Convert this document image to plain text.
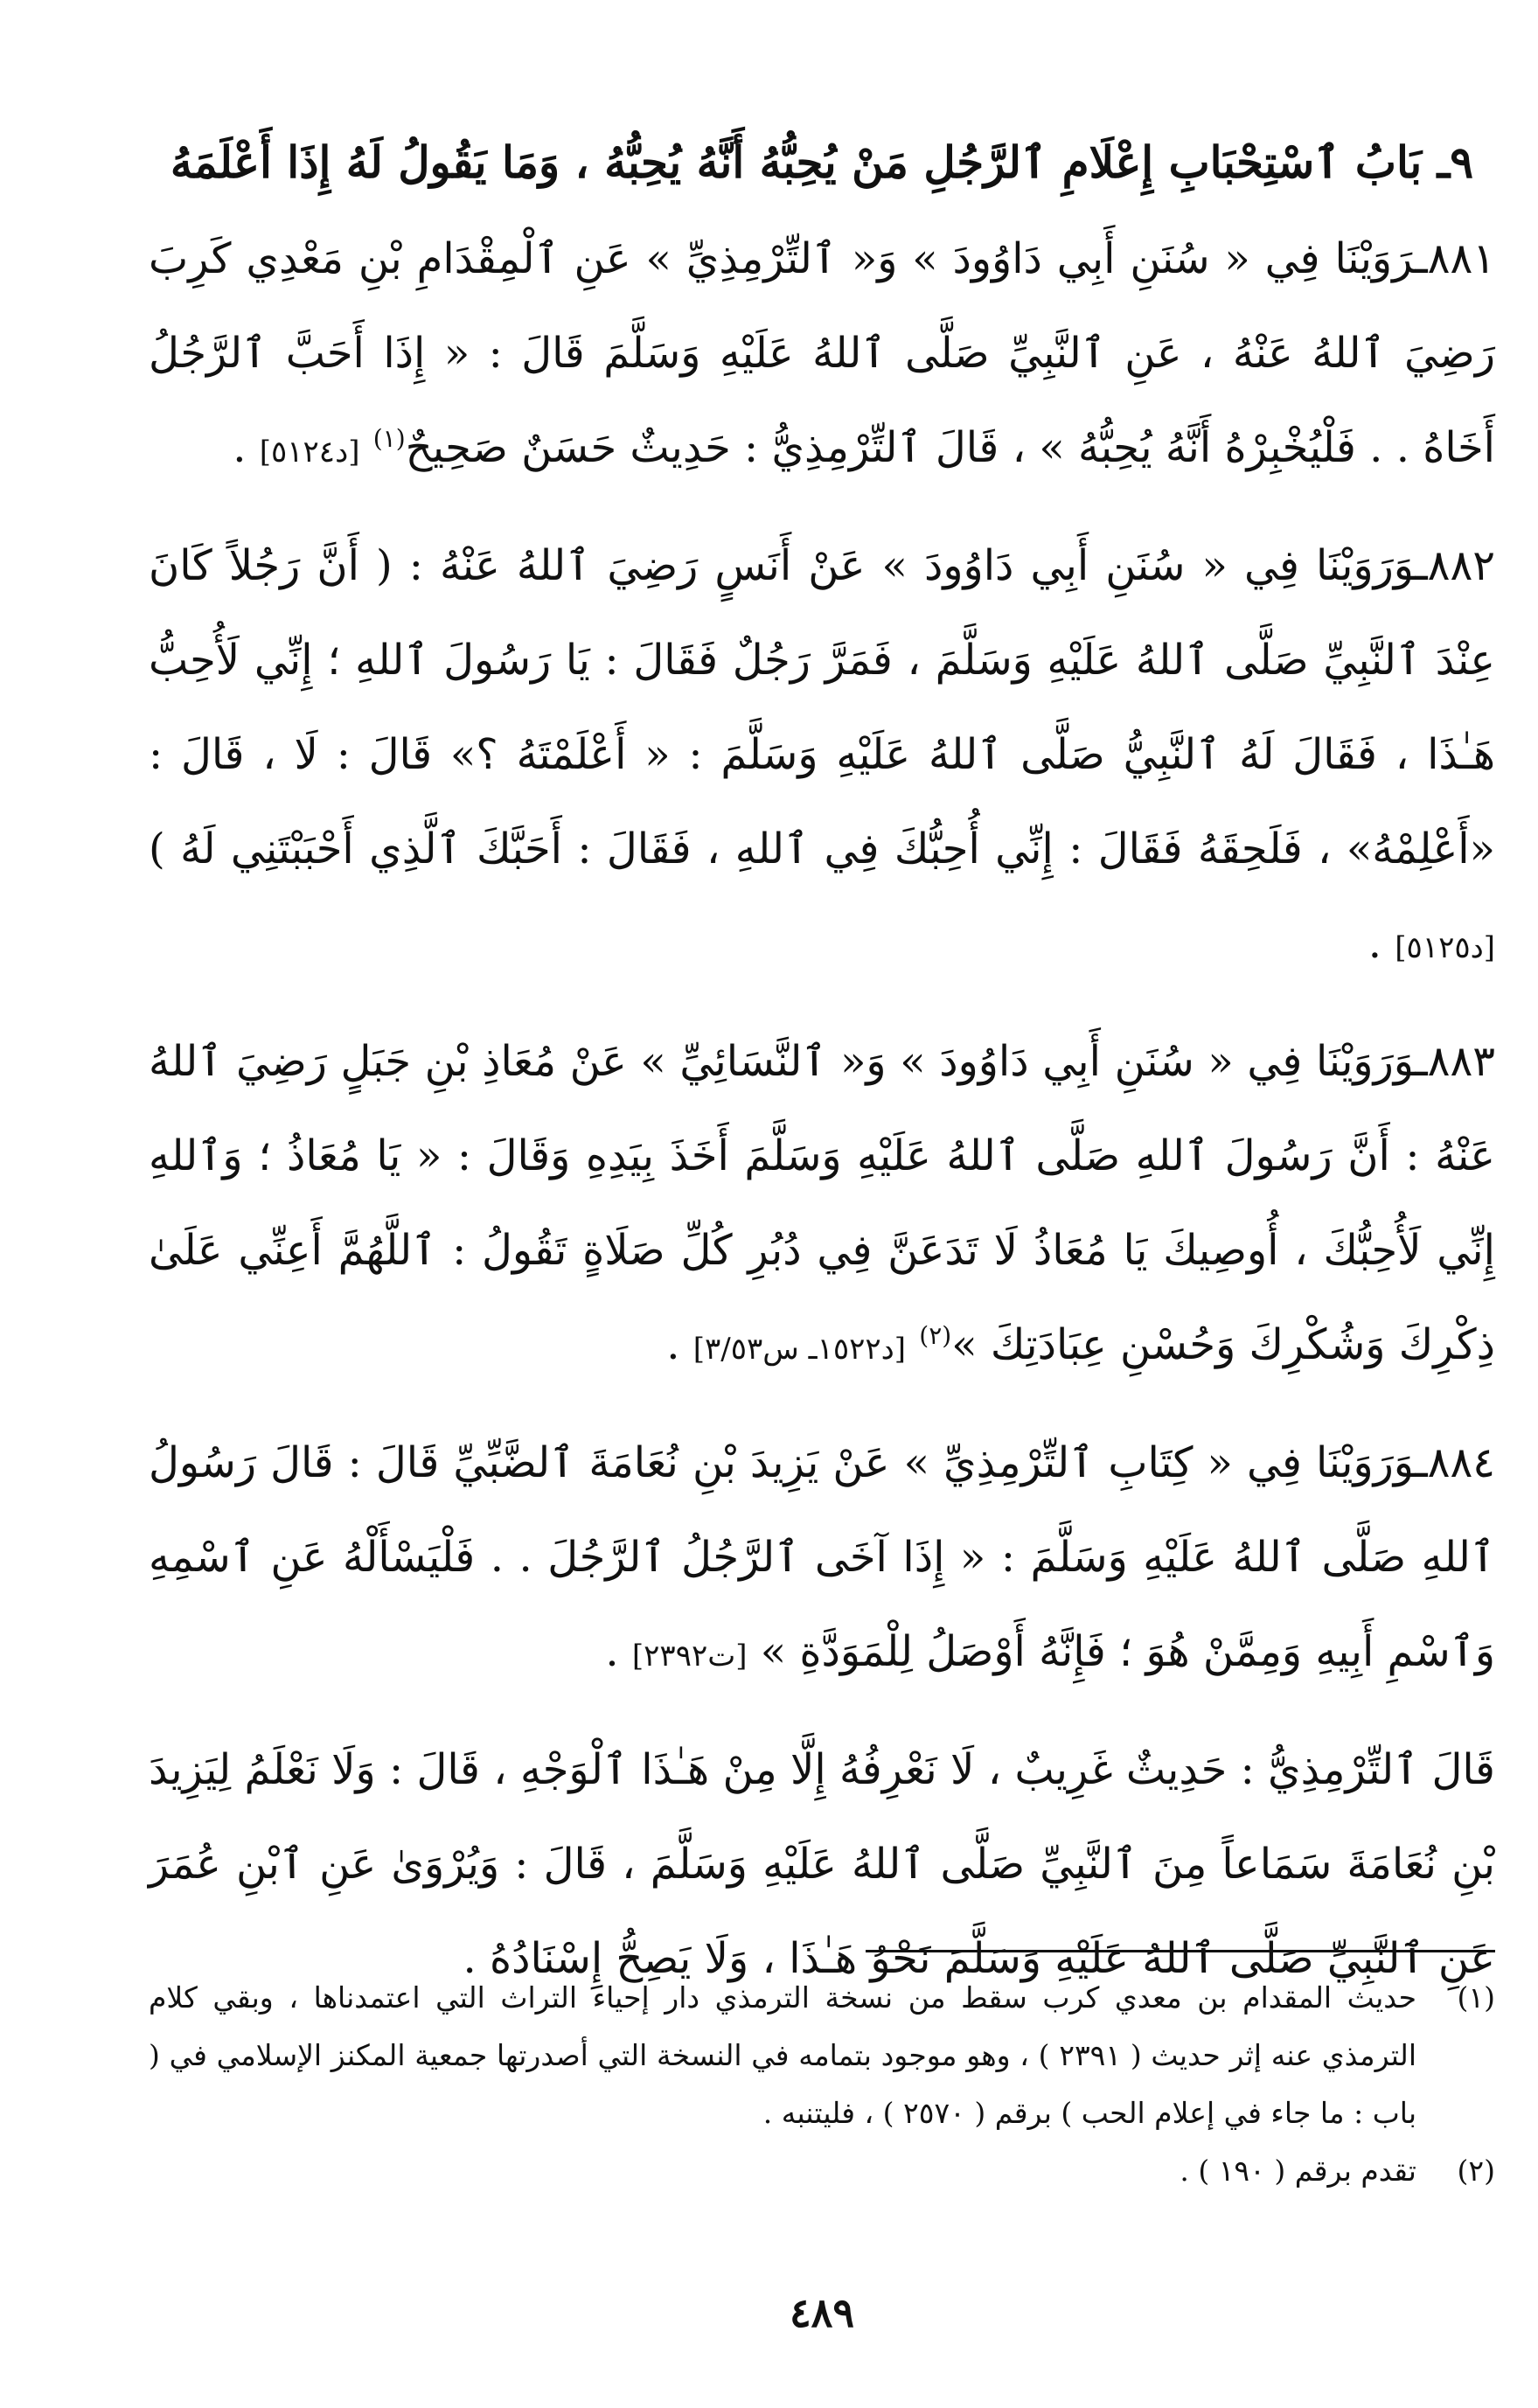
٩ـ بَابُ ٱسْتِحْبَابِ إِعْلَامِ ٱلرَّجُلِ مَنْ يُحِبُّهُ أَنَّهُ يُحِبُّهُ ، وَمَا يَقُولُ لَهُ إِذَا أَعْلَمَهُ

٨٨١ـرَوَيْنَا فِي « سُنَنِ أَبِي دَاوُودَ » وَ« ٱلتِّرْمِذِيِّ » عَنِ ٱلْمِقْدَامِ بْنِ مَعْدِي كَرِبَ رَضِيَ ٱللهُ عَنْهُ ، عَنِ ٱلنَّبِيِّ صَلَّى ٱللهُ عَلَيْهِ وَسَلَّمَ قَالَ : « إِذَا أَحَبَّ ٱلرَّجُلُ أَخَاهُ . . فَلْيُخْبِرْهُ أَنَّهُ يُحِبُّهُ » ، قَالَ ٱلتِّرْمِذِيُّ : حَدِيثٌ حَسَنٌ صَحِيحٌ$^{(١)}$ [د٥١٢٤] .

٨٨٢ـوَرَوَيْنَا فِي « سُنَنِ أَبِي دَاوُودَ » عَنْ أَنَسٍ رَضِيَ ٱللهُ عَنْهُ : ( أَنَّ رَجُلاً كَانَ عِنْدَ ٱلنَّبِيِّ صَلَّى ٱللهُ عَلَيْهِ وَسَلَّمَ ، فَمَرَّ رَجُلٌ فَقَالَ : يَا رَسُولَ ٱللهِ ؛ إِنِّي لَأُحِبُّ هَـٰذَا ، فَقَالَ لَهُ ٱلنَّبِيُّ صَلَّى ٱللهُ عَلَيْهِ وَسَلَّمَ : « أَعْلَمْتَهُ ؟» قَالَ : لَا ، قَالَ : «أَعْلِمْهُ» ، فَلَحِقَهُ فَقَالَ : إِنِّي أُحِبُّكَ فِي ٱللهِ ، فَقَالَ : أَحَبَّكَ ٱلَّذِي أَحْبَبْتَنِي لَهُ ) [د٥١٢٥] .

٨٨٣ـوَرَوَيْنَا فِي « سُنَنِ أَبِي دَاوُودَ » وَ« ٱلنَّسَائِيِّ » عَنْ مُعَاذِ بْنِ جَبَلٍ رَضِيَ ٱللهُ عَنْهُ : أَنَّ رَسُولَ ٱللهِ صَلَّى ٱللهُ عَلَيْهِ وَسَلَّمَ أَخَذَ بِيَدِهِ وَقَالَ : « يَا مُعَاذُ ؛ وَٱللهِ إِنِّي لَأُحِبُّكَ ، أُوصِيكَ يَا مُعَاذُ لَا تَدَعَنَّ فِي دُبُرِ كُلِّ صَلَاةٍ تَقُولُ : ٱللَّهُمَّ أَعِنِّي عَلَىٰ ذِكْرِكَ وَشُكْرِكَ وَحُسْنِ عِبَادَتِكَ »$^{(٢)}$ [د١٥٢٢ـ س٣/٥٣] .

٨٨٤ـوَرَوَيْنَا فِي « كِتَابِ ٱلتِّرْمِذِيِّ » عَنْ يَزِيدَ بْنِ نُعَامَةَ ٱلضَّبِّيِّ قَالَ : قَالَ رَسُولُ ٱللهِ صَلَّى ٱللهُ عَلَيْهِ وَسَلَّمَ : « إِذَا آخَى ٱلرَّجُلُ ٱلرَّجُلَ . . فَلْيَسْأَلْهُ عَنِ ٱسْمِهِ وَٱسْمِ أَبِيهِ وَمِمَّنْ هُوَ ؛ فَإِنَّهُ أَوْصَلُ لِلْمَوَدَّةِ » [ت٢٣٩٢] .

قَالَ ٱلتِّرْمِذِيُّ : حَدِيثٌ غَرِيبٌ ، لَا نَعْرِفُهُ إِلَّا مِنْ هَـٰذَا ٱلْوَجْهِ ، قَالَ : وَلَا نَعْلَمُ لِيَزِيدَ بْنِ نُعَامَةَ سَمَاعاً مِنَ ٱلنَّبِيِّ صَلَّى ٱللهُ عَلَيْهِ وَسَلَّمَ ، قَالَ : وَيُرْوَىٰ عَنِ ٱبْنِ عُمَرَ عَنِ ٱلنَّبِيِّ صَلَّى ٱللهُ عَلَيْهِ وَسَلَّمَ نَحْوُ هَـٰذَا ، وَلَا يَصِحُّ إِسْنَادُهُ .

(١)
حديث المقدام بن معدي كرب سقط من نسخة الترمذي دار إحياء التراث التي اعتمدناها ، وبقي كلام الترمذي عنه إثر حديث ( ٢٣٩١ ) ، وهو موجود بتمامه في النسخة التي أصدرتها جمعية المكنز الإسلامي في ( باب : ما جاء في إعلام الحب ) برقم ( ٢٥٧٠ ) ، فليتنبه .
(٢)
تقدم برقم ( ١٩٠ ) .
٤٨٩
